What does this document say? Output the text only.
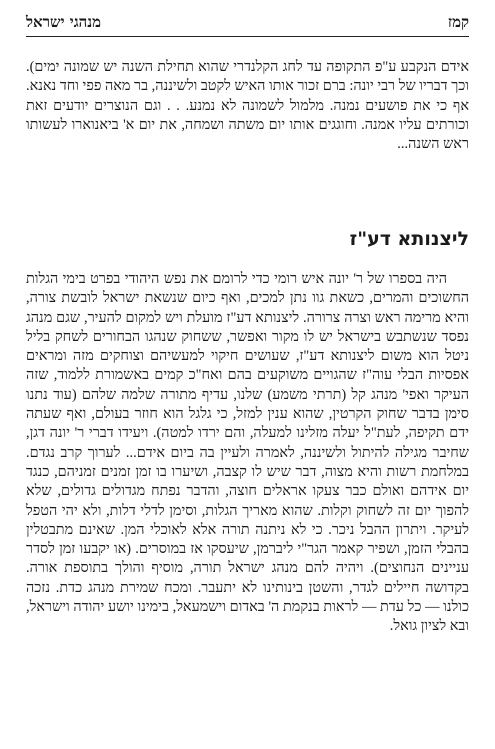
קמז
מנהגי ישראל

אידם הנקבע ע"פ התקופה עד לחג הקלנדרי שהוא תחילת השנה יש שמונה ימים). וכך דבריו של רבי יונה: ברם זכור אותו האיש לקטב ולשיננה, בר מאה פפי וחד נאנא. אף כי את פושעים נמנה. מלמול לשמונה לא נמנע. . . וגם הנוצרים יודעים זאת וכורתים עליו אמנה. וחוגגים אותו יום משתה ושמחה, את יום א' ביאנוארו לעשותו ראש השנה...

ליצנותא דע"ז

היה בספרו של ר' יונה איש רומי כדי לרומם את נפש היהודי בפרט בימי הגלות החשוכים והמרים, כשאת גוו נתן למכים, ואף כיום שנשאת ישראל לובשת צורה, והיא מרימה ראש וצרה צרורה. ליצנותא דע"ז מועלת ויש למקום להעיר, שגם מנהג נפסד שנשתבש בישראל יש לו מקור ואפשר, ששחוק שנהגו הבחורים לשחק בליל ניטל הוא משום ליצנותא דע"ז, שעושים חיקוי למעשיהם וצוחקים מזה ומראים אפסיות הבלי עוה"ז שהגויים משוקעים בהם ואח"כ קמים באשמורת ללמוד, שזה העיקר ואפי' מנהג קל (תרתי משמע) שלנו, עדיף מתורה שלמה שלהם (עוד נתנו סימן בדבר שחוק הקרטין, שהוא ענין למזל, כי גלגל הוא חוזר בעולם, ואף שעתה ידם תקיפה, לעת"ל יעלה מזלינו למעלה, והם ירדו למטה). ויעידו דברי ר' יונה דגן, שחיבר מגילה להיתול ולשיננה, לאמרה ולעיין בה ביום אידם... לערוך קרב נגדם. במלחמת רשות והיא מצוה, דבר שיש לו קצבה, ושיערו בו זמן זמנים זמניהם, כנגד יום אידהם ואולם כבר צעקו אראלים חוצה, והדבר נפתח מגדולים גדולים, שלא להפוך יום זה לשחוק וקלות. שהוא מאריך הגלות, וסימן לדלי דלות, ולא יהי הטפל לעיקר. ויתרון ההבל ניכר. כי לא ניתנה תורה אלא לאוכלי המן. שאינם מתבטלין בהבלי הזמן, ושפיר קאמר הגר"י ליברמן, שיעסקו אז במוסרים. (או יקבעו זמן לסדר עניינים הנחוצים). ויהיה להם מנהג ישראל תורה, מוסיף והולך בתוספת אורה. בקדושה חיילים לגדר, והשטן בינותינו לא יתעבר. ומכח שמירת מנהג כדת. נזכה כולנו — כל עדת — לראות בנקמת ה' באדום וישמעאל, בימינו יושע יהודה וישראל, ובא לציון גואל.
